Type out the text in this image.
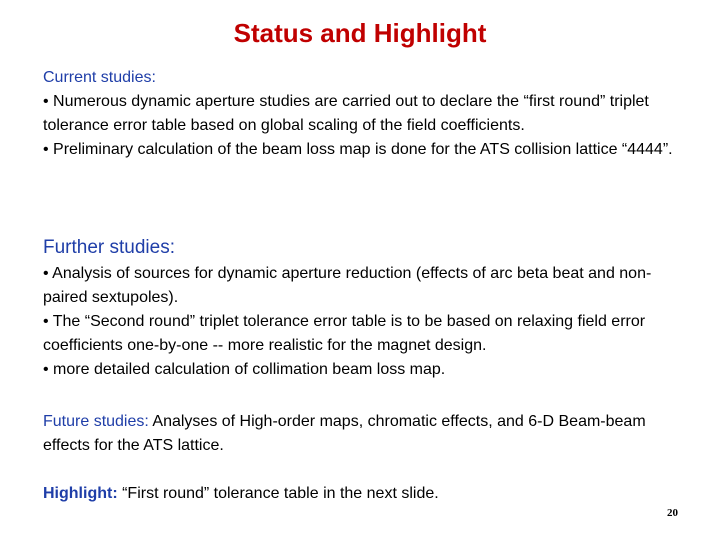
Status and Highlight
Current studies:
• Numerous dynamic aperture studies are carried out to declare the “first round” triplet tolerance error table based on global scaling of the field coefficients.
• Preliminary calculation of the beam loss map is done for the ATS collision lattice “4444”.
Further studies:
• Analysis of sources for dynamic aperture reduction (effects of arc beta beat and non-paired sextupoles).
• The “Second round” triplet tolerance error table is to be based on relaxing field error coefficients one-by-one -- more realistic for the magnet design.
• more detailed calculation of collimation beam loss map.
Future studies: Analyses of High-order maps, chromatic effects, and 6-D Beam-beam effects for the ATS lattice.
Highlight: “First round” tolerance table in the next slide.
20
